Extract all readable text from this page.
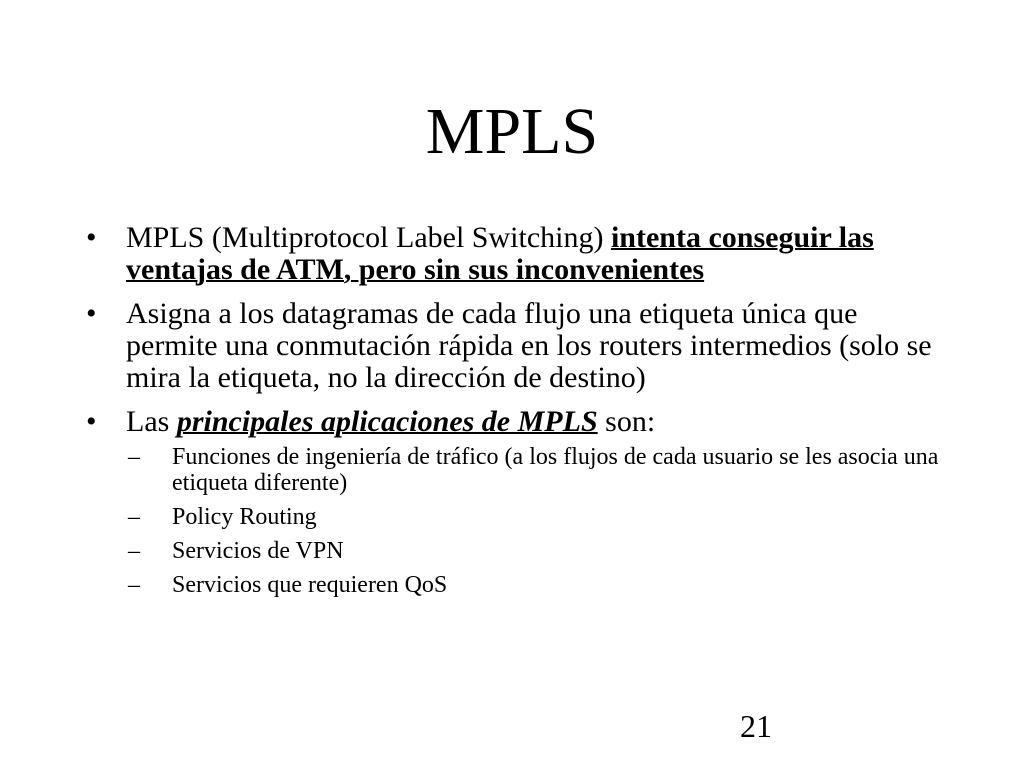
MPLS
• MPLS (Multiprotocol Label Switching) intenta conseguir las ventajas de ATM, pero sin sus inconvenientes
• Asigna a los datagramas de cada flujo una etiqueta única que permite una conmutación rápida en los routers intermedios (solo se mira la etiqueta, no la dirección de destino)
• Las principales aplicaciones de MPLS son:
– Funciones de ingeniería de tráfico (a los flujos de cada usuario se les asocia una etiqueta diferente)
– Policy Routing
– Servicios de VPN
– Servicios que requieren QoS
21
